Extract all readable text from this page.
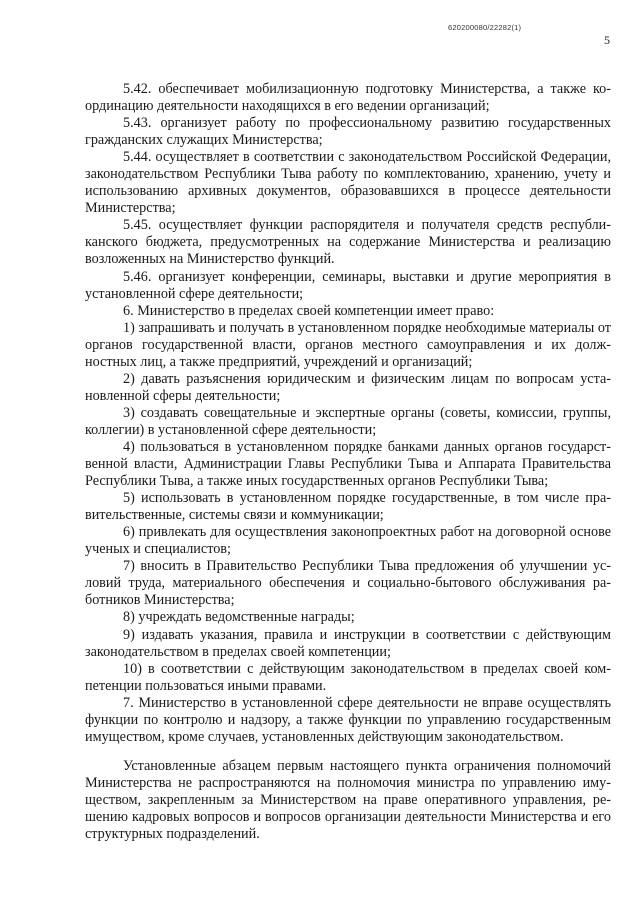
620200080/22282(1)
5

5.42. обеспечивает мобилизационную подготовку Министерства, а также координацию деятельности находящихся в его ведении организаций;

5.43. организует работу по профессиональному развитию государственных гражданских служащих Министерства;

5.44. осуществляет в соответствии с законодательством Российской Федерации, законодательством Республики Тыва работу по комплектованию, хранению, учету и использованию архивных документов, образовавшихся в процессе деятельности Министерства;

5.45. осуществляет функции распорядителя и получателя средств республиканского бюджета, предусмотренных на содержание Министерства и реализацию возложенных на Министерство функций.

5.46. организует конференции, семинары, выставки и другие мероприятия в установленной сфере деятельности;

6. Министерство в пределах своей компетенции имеет право:

1) запрашивать и получать в установленном порядке необходимые материалы от органов государственной власти, органов местного самоуправления и их должностных лиц, а также предприятий, учреждений и организаций;

2) давать разъяснения юридическим и физическим лицам по вопросам установленной сферы деятельности;

3) создавать совещательные и экспертные органы (советы, комиссии, группы, коллегии) в установленной сфере деятельности;

4) пользоваться в установленном порядке банками данных органов государственной власти, Администрации Главы Республики Тыва и Аппарата Правительства Республики Тыва, а также иных государственных органов Республики Тыва;

5) использовать в установленном порядке государственные, в том числе правительственные, системы связи и коммуникации;

6) привлекать для осуществления законопроектных работ на договорной основе ученых и специалистов;

7) вносить в Правительство Республики Тыва предложения об улучшении условий труда, материального обеспечения и социально-бытового обслуживания работников Министерства;

8) учреждать ведомственные награды;

9) издавать указания, правила и инструкции в соответствии с действующим законодательством в пределах своей компетенции;

10) в соответствии с действующим законодательством в пределах своей компетенции пользоваться иными правами.

7. Министерство в установленной сфере деятельности не вправе осуществлять функции по контролю и надзору, а также функции по управлению государственным имуществом, кроме случаев, установленных действующим законодательством.

Установленные абзацем первым настоящего пункта ограничения полномочий Министерства не распространяются на полномочия министра по управлению имуществом, закрепленным за Министерством на праве оперативного управления, решению кадровых вопросов и вопросов организации деятельности Министерства и его структурных подразделений.
